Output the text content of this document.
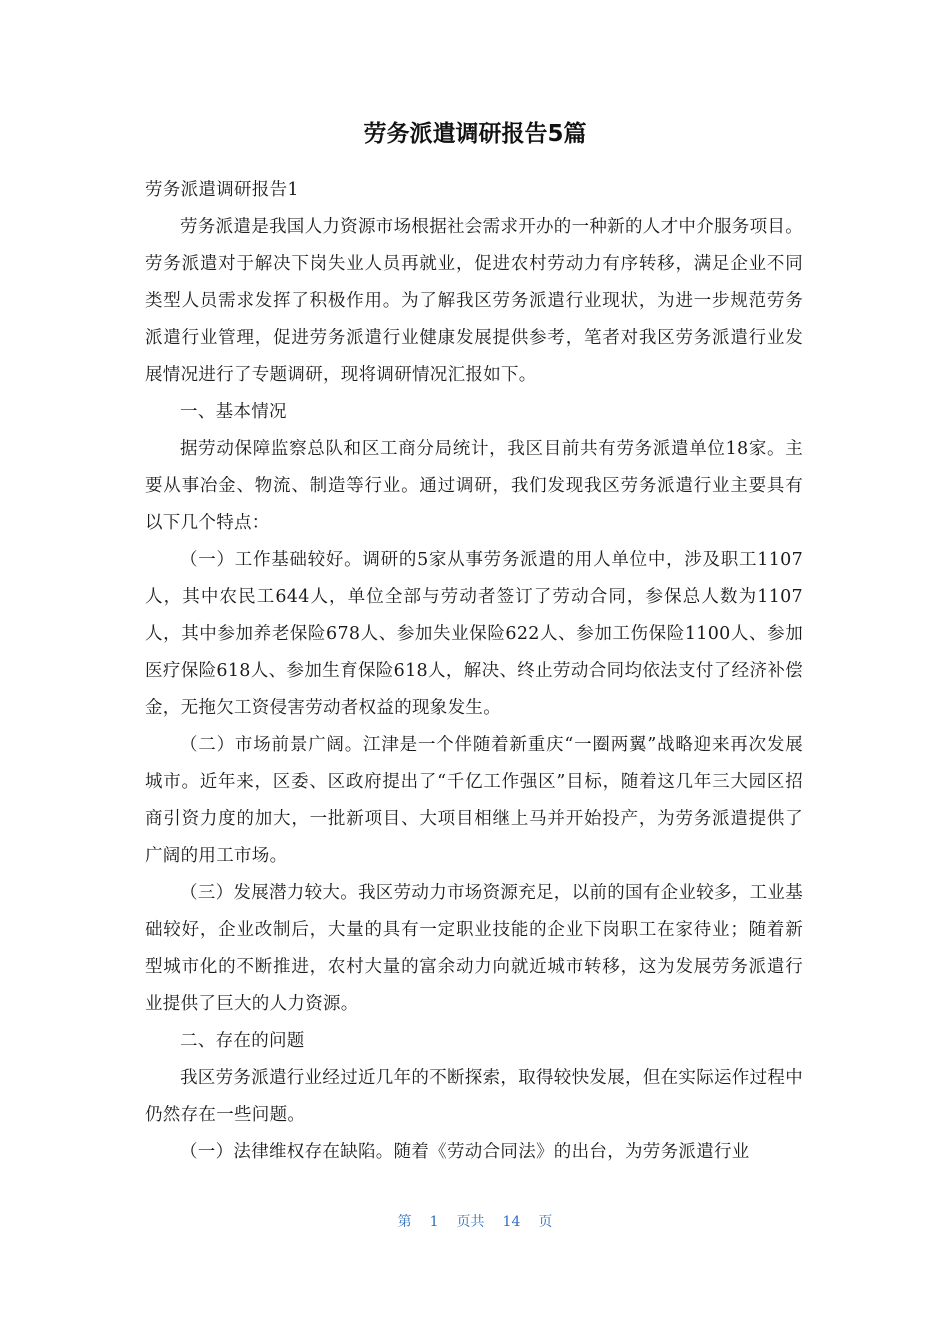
劳务派遣调研报告5篇

劳务派遣调研报告1

劳务派遣是我国人力资源市场根据社会需求开办的一种新的人才中介服务项目。劳务派遣对于解决下岗失业人员再就业，促进农村劳动力有序转移，满足企业不同类型人员需求发挥了积极作用。为了解我区劳务派遣行业现状，为进一步规范劳务派遣行业管理，促进劳务派遣行业健康发展提供参考，笔者对我区劳务派遣行业发展情况进行了专题调研，现将调研情况汇报如下。

一、基本情况

据劳动保障监察总队和区工商分局统计，我区目前共有劳务派遣单位18家。主要从事冶金、物流、制造等行业。通过调研，我们发现我区劳务派遣行业主要具有以下几个特点：

（一）工作基础较好。调研的5家从事劳务派遣的用人单位中，涉及职工1107人，其中农民工644人，单位全部与劳动者签订了劳动合同，参保总人数为1107人，其中参加养老保险678人、参加失业保险622人、参加工伤保险1100人、参加医疗保险618人、参加生育保险618人，解决、终止劳动合同均依法支付了经济补偿金，无拖欠工资侵害劳动者权益的现象发生。

（二）市场前景广阔。江津是一个伴随着新重庆“一圈两翼”战略迎来再次发展城市。近年来，区委、区政府提出了“千亿工作强区”目标，随着这几年三大园区招商引资力度的加大，一批新项目、大项目相继上马并开始投产，为劳务派遣提供了广阔的用工市场。

（三）发展潜力较大。我区劳动力市场资源充足，以前的国有企业较多，工业基础较好，企业改制后，大量的具有一定职业技能的企业下岗职工在家待业；随着新型城市化的不断推进，农村大量的富余动力向就近城市转移，这为发展劳务派遣行业提供了巨大的人力资源。

二、存在的问题

我区劳务派遣行业经过近几年的不断探索，取得较快发展，但在实际运作过程中仍然存在一些问题。

（一）法律维权存在缺陷。随着《劳动合同法》的出台，为劳务派遣行业

第 1 页共 14 页
